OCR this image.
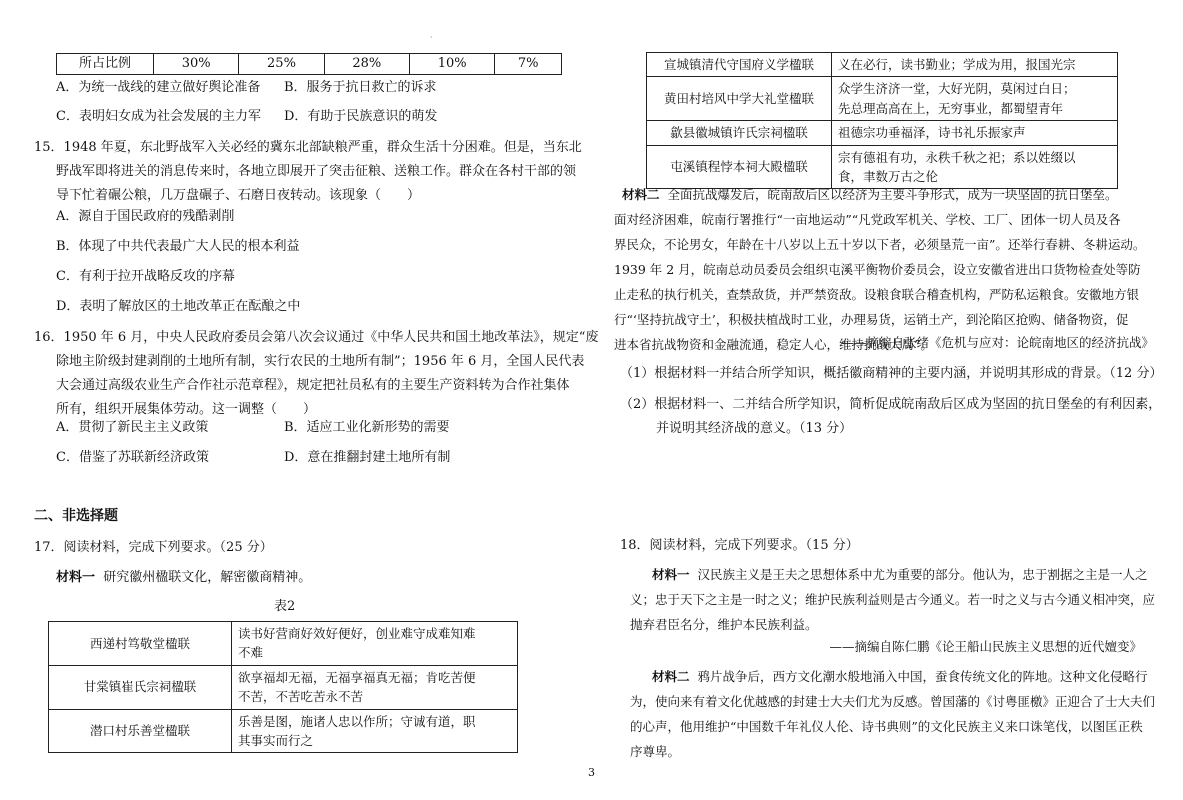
·
所占比例	30%	25%	28%	10%	7%
A．为统一战线的建立做好舆论准备 B．服务于抗日救亡的诉求
C．表明妇女成为社会发展的主力军 D．有助于民族意识的萌发
15．1948 年夏，东北野战军入关必经的冀东北部缺粮严重，群众生活十分困难。但是，当东北
野战军即将进关的消息传来时，各地立即展开了突击征粮、送粮工作。群众在各村干部的领
导下忙着碾公粮，几万盘碾子、石磨日夜转动。该现象（　　）
A．源自于国民政府的残酷剥削
B．体现了中共代表最广大人民的根本利益
C．有利于拉开战略反攻的序幕
D．表明了解放区的土地改革正在酝酿之中
16．1950 年 6 月，中央人民政府委员会第八次会议通过《中华人民共和国土地改革法》，规定“废
除地主阶级封建剥削的土地所有制，实行农民的土地所有制”；1956 年 6 月，全国人民代表
大会通过高级农业生产合作社示范章程》，规定把社员私有的主要生产资料转为合作社集体
所有，组织开展集体劳动。这一调整（　　）
A．贯彻了新民主主义政策	B．适应工业化新形势的需要
C．借鉴了苏联新经济政策	D．意在推翻封建土地所有制
二、非选择题
17．阅读材料，完成下列要求。（25 分）
材料一 研究徽州楹联文化，解密徽商精神。
表2
西递村笃敬堂楹联	读书好营商好效好便好，创业难守成难知难
不难

甘棠镇崔氏宗祠楹联	欲享福却无福，无福享福真无福；肯吃苦便
不苦，不苦吃苦永不苦

潜口村乐善堂楹联	乐善是图，施诸人忠以作所；守诚有道，职
其事实而行之
宣城镇清代守国府义学楹联	义在必行，读书勤业；学成为用，报国光宗

黄田村培风中学大礼堂楹联	众学生济济一堂，大好光阴，莫闲过白日；
先总理高高在上，无穷事业，都蜀望青年

歙县徽城镇许氏宗祠楹联	祖德宗功垂福泽，诗书礼乐振家声

屯溪镇程悖本祠大殿楹联	宗有德祖有功，永秩千秋之祀；系以姓缀以
食，聿数万古之伦
材料二 全面抗战爆发后，皖南敌后区以经济为主要斗争形式，成为一块坚固的抗日堡垒。
面对经济困难，皖南行署推行“一亩地运动”“凡党政军机关、学校、工厂、团体一切人员及各
界民众，不论男女，年龄在十八岁以上五十岁以下者，必须垦荒一亩”。还举行春耕、冬耕运动。
1939 年 2 月，皖南总动员委员会组织屯溪平衡物价委员会，设立安徽省进出口货物检查处等防
止走私的执行机关，查禁敌货，并严禁资敌。设粮食联合稽查机构，严防私运粮食。安徽地方银
行“‘坚持抗战守土’，积极扶植战时工业，办理易货，运销土产，到沦陷区抢购、储备物资，促
进本省抗战物资和金融流通，稳定人心，维持抗战大局”。
——摘编自张绪《危机与应对：论皖南地区的经济抗战》
（1）根据材料一并结合所学知识，概括徽商精神的主要内涵，并说明其形成的背景。（12 分）
（2）根据材料一、二并结合所学知识，简析促成皖南敌后区成为坚固的抗日堡垒的有利因素，
并说明其经济战的意义。（13 分）
18．阅读材料，完成下列要求。（15 分）
材料一 汉民族主义是王夫之思想体系中尤为重要的部分。他认为，忠于割据之主是一人之
义；忠于天下之主是一时之义；维护民族利益则是古今通义。若一时之义与古今通义相冲突，应
抛弃君臣名分，维护本民族利益。
——摘编自陈仁鹏《论王船山民族主义思想的近代嬗变》
材料二 鸦片战争后，西方文化潮水般地涌入中国，蚕食传统文化的阵地。这种文化侵略行
为，使向来有着文化优越感的封建士大夫们尤为反感。曾国藩的《讨粤匪檄》正迎合了士大夫们
的心声，他用维护“中国数千年礼仪人伦、诗书典则”的文化民族主义来口诛笔伐，以图匡正秩
序尊卑。
3
